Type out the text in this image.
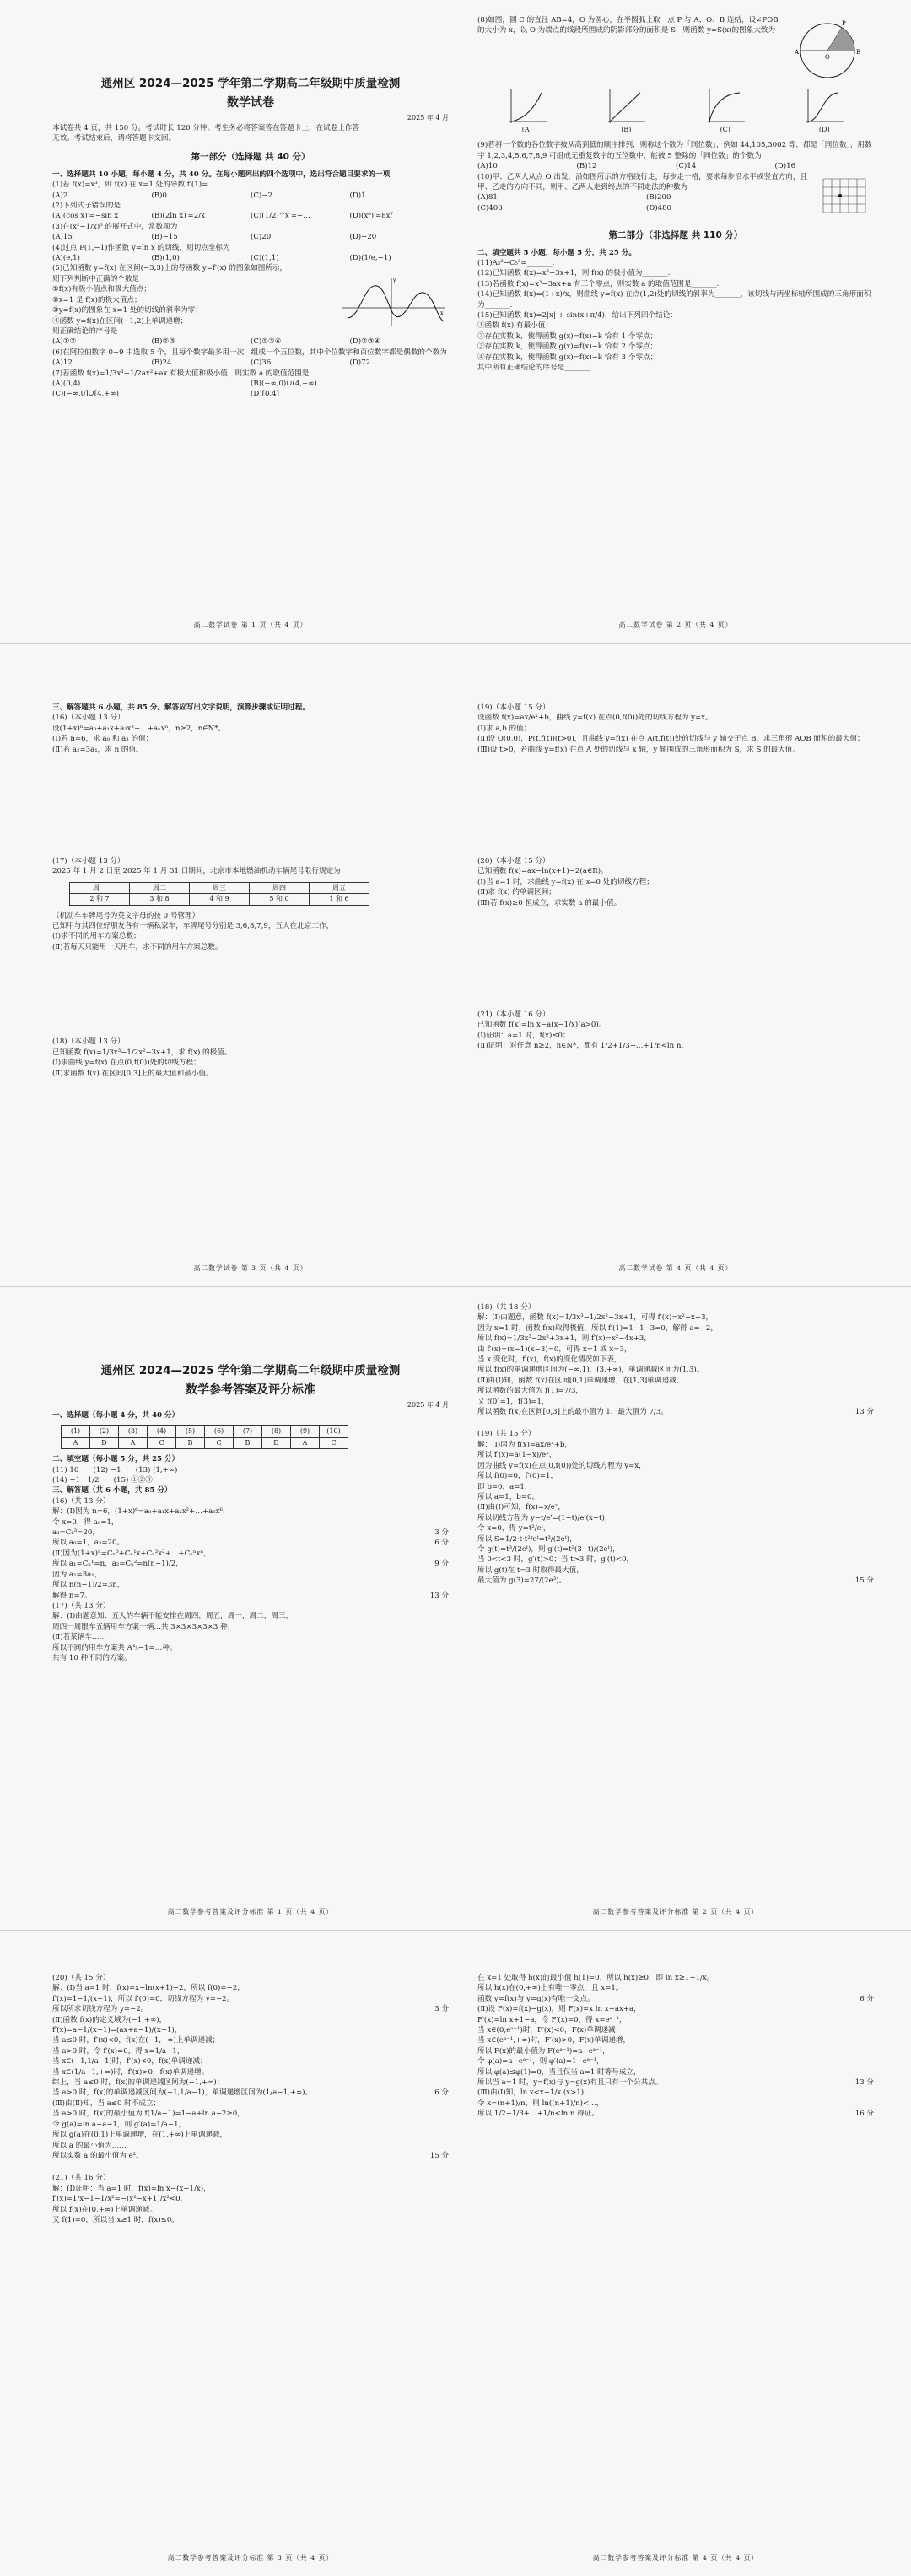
通州区 2024—2025 学年第二学期高二年级期中质量检测
数学试卷
2025 年 4 月
本试卷共 4 页，共 150 分。考试时长 120 分钟。考生务必将答案答在答题卡上，在试卷上作答
无效。考试结束后，请将答题卡交回。
第一部分（选择题 共 40 分）
一、选择题共 10 小题，每小题 4 分，共 40 分。在每小题列出的四个选项中，选出符合题目要求的一项
(1)若 f(x)=x³，则 f(x) 在 x=1 处的导数 f′(1)=
(A)2	(B)0	(C)−2	(D)1
(2)下列式子错误的是
(A)(cos x)′=−sin x	(B)(2ln x)′=2/x	(C)(1/2)^x′=−…	(D)(x⁸)′=8x⁷
(3)在(x²−1/x)⁶ 的展开式中，常数项为
(A)15	(B)−15	(C)20	(D)−20
(4)过点 P(1,−1)作函数 y=ln x 的切线，则切点坐标为
(A)(e,1)	(B)(1,0)	(C)(1,1)	(D)(1/e,−1)
(5)已知函数 y=f(x) 在区间(−3,3)上的导函数 y=f′(x) 的图象如图所示，
则下列判断中正确的个数是
①f(x)有极小值点和极大值点；
②x=1 是 f(x)的极大值点；
③y=f(x)的图象在 x=1 处的切线的斜率为零；
④函数 y=f(x)在区间(−1,2)上单调递增；
则正确结论的序号是
x
y
(A)①②	(B)②③	(C)①③④	(D)②③④
(6)在阿拉伯数字 0~9 中选取 5 个，且每个数字最多用一次，组成一个五位数，其中个位数字和百位数字都是偶数的个数为
(A)12	(B)24	(C)36	(D)72
(7)若函数 f(x)=1/3x³+1/2ax²+ax 有极大值和极小值，则实数 a 的取值范围是
(A)(0,4)	(B)(−∞,0)∪(4,+∞)
(C)(−∞,0]∪[4,+∞)	(D)[0,4]
高二数学试卷 第 1 页（共 4 页）
(8)如图，圆 C 的直径 AB=4，O 为圆心，在半圆弧上取一点 P 与 A、O、B 连结，设∠POB 的大小为 x，以 O 为端点的线段所围成的阴影部分的面积是 S，则函数 y=S(x)的图象大致为
A	B
O
P
(A)	(B)	(C)	(D)
(9)若将一个数的各位数字按从高到低的顺序排列，则称这个数为「同位数」，例如 44,105,3002 等，都是「同位数」，用数字 1,2,3,4,5,6,7,8,9 可组成无重复数字的五位数中，能被 5 整除的「同位数」的个数为
(A)10	(B)12	(C)14	(D)16
(10)甲、乙两人从点 O 出发，沿如图所示的方格线行走，每步走一格，要求每步沿水平或竖直方向，且甲、乙走的方向不同，则甲、乙两人走到终点的不同走法的种数为
(A)81	(B)200
(C)400	(D)480
第二部分（非选择题 共 110 分）
二、填空题共 5 小题，每小题 5 分，共 25 分。
(11)A₅²−C₅³=_______.
(12)已知函数 f(x)=x³−3x+1，则 f(x) 的极小值为_______.
(13)若函数 f(x)=x³−3ax+a 有三个零点，则实数 a 的取值范围是_______.
(14)已知函数 f(x)=(1+x)/x，则曲线 y=f(x) 在点(1,2)处的切线的斜率为_______，该切线与两坐标轴所围成的三角形面积为_______.
(15)已知函数 f(x)=2|x| + sin(x+π/4)，给出下列四个结论：
①函数 f(x) 有最小值；
②存在实数 k，使得函数 g(x)=f(x)−k 恰有 1 个零点；
③存在实数 k，使得函数 g(x)=f(x)−k 恰有 2 个零点；
④存在实数 k，使得函数 g(x)=f(x)−k 恰有 3 个零点；
其中所有正确结论的序号是_______.
高二数学试卷 第 2 页（共 4 页）
三、解答题共 6 小题，共 85 分。解答应写出文字说明，演算步骤或证明过程。
(16)（本小题 13 分）
设(1+x)ⁿ=a₀+a₁x+a₂x²+…+aₙxⁿ，n≥2，n∈N*。
(Ⅰ)若 n=6，求 a₀ 和 a₃ 的值；
(Ⅱ)若 a₂=3a₁，求 n 的值。
(17)（本小题 13 分）
2025 年 1 月 2 日至 2025 年 1 月 31 日期间，北京市本地燃油机动车辆尾号限行规定为
周一	周二	周三	周四	周五
2 和 7	3 和 8	4 和 9	5 和 0	1 和 6
（机动车车牌尾号为英文字母的按 0 号管理）
已知甲与其四位好朋友各有一辆私家车，车牌尾号分别是 3,6,8,7,9，五人在北京工作，
(Ⅰ)求不同的用车方案总数；
(Ⅱ)若每天只能用一天用车，求不同的用车方案总数。
(18)（本小题 13 分）
已知函数 f(x)=1/3x³−1/2x²−3x+1，求 f(x) 的极值。
(Ⅰ)求曲线 y=f(x) 在点(0,f(0))处的切线方程；
(Ⅱ)求函数 f(x) 在区间[0,3]上的最大值和最小值。
高二数学试卷 第 3 页（共 4 页）
(19)（本小题 15 分）
设函数 f(x)=ax/eˣ+b，曲线 y=f(x) 在点(0,f(0))处的切线方程为 y=x。
(Ⅰ)求 a,b 的值；
(Ⅱ)设 O(0,0)，P(t,f(t))(t>0)，且曲线 y=f(x) 在点 A(t,f(t))处的切线与 y 轴交于点 B，求三角形 AOB 面积的最大值；
(Ⅲ)设 t>0，若曲线 y=f(x) 在点 A 处的切线与 x 轴，y 轴围成的三角形面积为 S，求 S 的最大值。
(20)（本小题 15 分）
已知函数 f(x)=ax−ln(x+1)−2(a∈R)。
(Ⅰ)当 a=1 时，求曲线 y=f(x) 在 x=0 处的切线方程；
(Ⅱ)求 f(x) 的单调区间；
(Ⅲ)若 f(x)≥0 恒成立，求实数 a 的最小值。
(21)（本小题 16 分）
已知函数 f(x)=ln x−a(x−1/x)(a>0)。
(Ⅰ)证明：a=1 时，f(x)≤0；
(Ⅱ)证明：对任意 n≥2，n∈N*，都有 1/2+1/3+…+1/n<ln n。
高二数学试卷 第 4 页（共 4 页）
通州区 2024—2025 学年第二学期高二年级期中质量检测
数学参考答案及评分标准
2025 年 4 月
一、选择题（每小题 4 分，共 40 分）
(1)	(2)	(3)	(4)	(5)	(6)	(7)	(8)	(9)	(10)
A	D	A	C	B	C	B	D	A	C
二、填空题（每小题 5 分，共 25 分）
(11) 10　　(12) −1　　(13) (1,+∞)
(14) −1　1/2　　(15) ①②③
三、解答题（共 6 小题，共 85 分）
(16)（共 13 分）
解：(Ⅰ)因为 n=6，(1+x)⁶=a₀+a₁x+a₂x²+…+a₆x⁶，
令 x=0，得 a₀=1，
a₃=C₆³=20，	3 分
所以 a₀=1，a₃=20。	6 分
(Ⅱ)因为(1+x)ⁿ=Cₙ⁰+Cₙ¹x+Cₙ²x²+…+Cₙⁿxⁿ，
所以 a₁=Cₙ¹=n，a₂=Cₙ²=n(n−1)/2，	9 分
因为 a₂=3a₁，
所以 n(n−1)/2=3n，
解得 n=7。	13 分
(17)（共 13 分）
解：(Ⅰ)由题意知：五人的车辆不能安排在周四，周五，周一，周二，周三，
周四一周限车五辆用车方案一辆…共 3×3×3×3×3 种，
(Ⅱ)若某辆车……
所以不同的用车方案共 A⁴₅−1=…种。
共有 10 种不同的方案。
高二数学参考答案及评分标准 第 1 页（共 4 页）
(18)（共 13 分）
解：(Ⅰ)由题意，函数 f(x)=1/3x³−1/2x²−3x+1，可得 f′(x)=x²−x−3，
因为 x=1 时，函数 f(x)取得极值，所以 f′(1)=1−1−3=0，解得 a=−2，
所以 f(x)=1/3x³−2x²+3x+1，则 f′(x)=x²−4x+3，
由 f′(x)=(x−1)(x−3)=0，可得 x=1 或 x=3，
当 x 变化时，f′(x)，f(x)的变化情况如下表，
所以 f(x)的单调递增区间为(−∞,1)，(3,+∞)，单调递减区间为(1,3)。
(Ⅱ)由(Ⅰ)知，函数 f(x)在区间[0,1]单调递增，在[1,3]单调递减，
所以函数的最大值为 f(1)=7/3，
又 f(0)=1，f(3)=1，
所以函数 f(x)在区间[0,3]上的最小值为 1，最大值为 7/3。	13 分
(19)（共 15 分）
解：(Ⅰ)因为 f(x)=ax/eˣ+b，
所以 f′(x)=a(1−x)/eˣ，
因为曲线 y=f(x)在点(0,f(0))处的切线方程为 y=x，
所以 f(0)=0，f′(0)=1，
即 b=0，a=1，
所以 a=1，b=0。
(Ⅱ)由(Ⅰ)可知，f(x)=x/eˣ，
所以切线方程为 y−t/eᵗ=(1−t)/eᵗ(x−t)，
令 x=0，得 y=t²/eᵗ，
所以 S=1/2·t·t²/eᵗ=t³/(2eᵗ)，
令 g(t)=t³/(2eᵗ)，则 g′(t)=t²(3−t)/(2eᵗ)，
当 0<t<3 时，g′(t)>0；当 t>3 时，g′(t)<0，
所以 g(t)在 t=3 时取得最大值，
最大值为 g(3)=27/(2e³)。	15 分
高二数学参考答案及评分标准 第 2 页（共 4 页）
(20)（共 15 分）
解：(Ⅰ)当 a=1 时，f(x)=x−ln(x+1)−2，所以 f(0)=−2，
f′(x)=1−1/(x+1)，所以 f′(0)=0，切线方程为 y=−2。
所以所求切线方程为 y=−2。	3 分
(Ⅱ)函数 f(x)的定义域为(−1,+∞)，
f′(x)=a−1/(x+1)=(ax+a−1)/(x+1)，
当 a≤0 时，f′(x)<0，f(x)在(−1,+∞)上单调递减；
当 a>0 时，令 f′(x)=0，得 x=1/a−1，
当 x∈(−1,1/a−1)时，f′(x)<0，f(x)单调递减；
当 x∈(1/a−1,+∞)时，f′(x)>0，f(x)单调递增。
综上，当 a≤0 时，f(x)的单调递减区间为(−1,+∞)；
当 a>0 时，f(x)的单调递减区间为(−1,1/a−1)，单调递增区间为(1/a−1,+∞)。	6 分
(Ⅲ)由(Ⅱ)知，当 a≤0 时不成立；
当 a>0 时，f(x)的最小值为 f(1/a−1)=1−a+ln a−2≥0，
令 g(a)=ln a−a−1，则 g′(a)=1/a−1，
所以 g(a)在(0,1)上单调递增，在(1,+∞)上单调递减，
所以 a 的最小值为……
所以实数 a 的最小值为 e²。	15 分
(21)（共 16 分）
解：(Ⅰ)证明：当 a=1 时，f(x)=ln x−(x−1/x)，
f′(x)=1/x−1−1/x²=−(x²−x+1)/x²<0，
所以 f(x)在(0,+∞)上单调递减。
又 f(1)=0，所以当 x≥1 时，f(x)≤0。
高二数学参考答案及评分标准 第 3 页（共 4 页）
在 x=1 处取得 h(x)的最小值 h(1)=0，所以 h(x)≥0，即 ln x≥1−1/x。
所以 h(x)在(0,+∞)上有唯一零点，且 x=1。
函数 y=f(x)与 y=g(x)有唯一交点。	6 分
(Ⅱ)设 F(x)=f(x)−g(x)，则 F(x)=x ln x−ax+a，
F′(x)=ln x+1−a，令 F′(x)=0，得 x=eᵃ⁻¹，
当 x∈(0,eᵃ⁻¹)时，F′(x)<0，F(x)单调递减；
当 x∈(eᵃ⁻¹,+∞)时，F′(x)>0，F(x)单调递增，
所以 F(x)的最小值为 F(eᵃ⁻¹)=a−eᵃ⁻¹，
令 φ(a)=a−eᵃ⁻¹，则 φ′(a)=1−eᵃ⁻¹，
所以 φ(a)≤φ(1)=0，当且仅当 a=1 时等号成立，
所以当 a=1 时，y=f(x)与 y=g(x)有且只有一个公共点。	13 分
(Ⅲ)由(Ⅰ)知，ln x<x−1/x (x>1)，
令 x=(n+1)/n，则 ln((n+1)/n)<…，
所以 1/2+1/3+…+1/n<ln n 得证。	16 分
高二数学参考答案及评分标准 第 4 页（共 4 页）
